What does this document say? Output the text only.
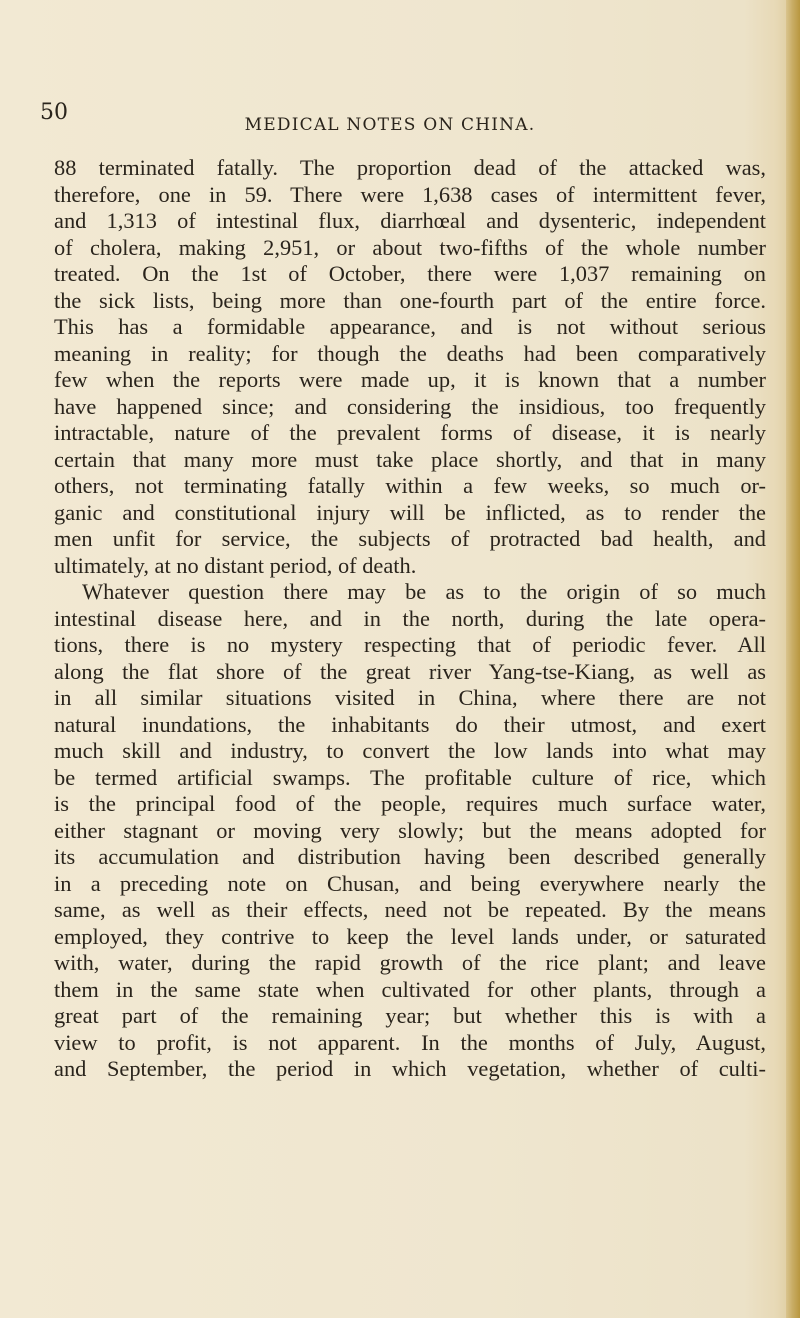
50	MEDICAL NOTES ON CHINA.

88 terminated fatally. The proportion dead of the attacked was,
therefore, one in 59. There were 1,638 cases of intermittent fever,
and 1,313 of intestinal flux, diarrhœal and dysenteric, independent
of cholera, making 2,951, or about two-fifths of the whole number
treated. On the 1st of October, there were 1,037 remaining on
the sick lists, being more than one-fourth part of the entire force.
This has a formidable appearance, and is not without serious
meaning in reality; for though the deaths had been comparatively
few when the reports were made up, it is known that a number
have happened since; and considering the insidious, too frequently
intractable, nature of the prevalent forms of disease, it is nearly
certain that many more must take place shortly, and that in many
others, not terminating fatally within a few weeks, so much or-
ganic and constitutional injury will be inflicted, as to render the
men unfit for service, the subjects of protracted bad health, and
ultimately, at no distant period, of death.
Whatever question there may be as to the origin of so much
intestinal disease here, and in the north, during the late opera-
tions, there is no mystery respecting that of periodic fever. All
along the flat shore of the great river Yang-tse-Kiang, as well as
in all similar situations visited in China, where there are not
natural inundations, the inhabitants do their utmost, and exert
much skill and industry, to convert the low lands into what may
be termed artificial swamps. The profitable culture of rice, which
is the principal food of the people, requires much surface water,
either stagnant or moving very slowly; but the means adopted for
its accumulation and distribution having been described generally
in a preceding note on Chusan, and being everywhere nearly the
same, as well as their effects, need not be repeated. By the means
employed, they contrive to keep the level lands under, or saturated
with, water, during the rapid growth of the rice plant; and leave
them in the same state when cultivated for other plants, through a
great part of the remaining year; but whether this is with a
view to profit, is not apparent. In the months of July, August,
and September, the period in which vegetation, whether of culti-
